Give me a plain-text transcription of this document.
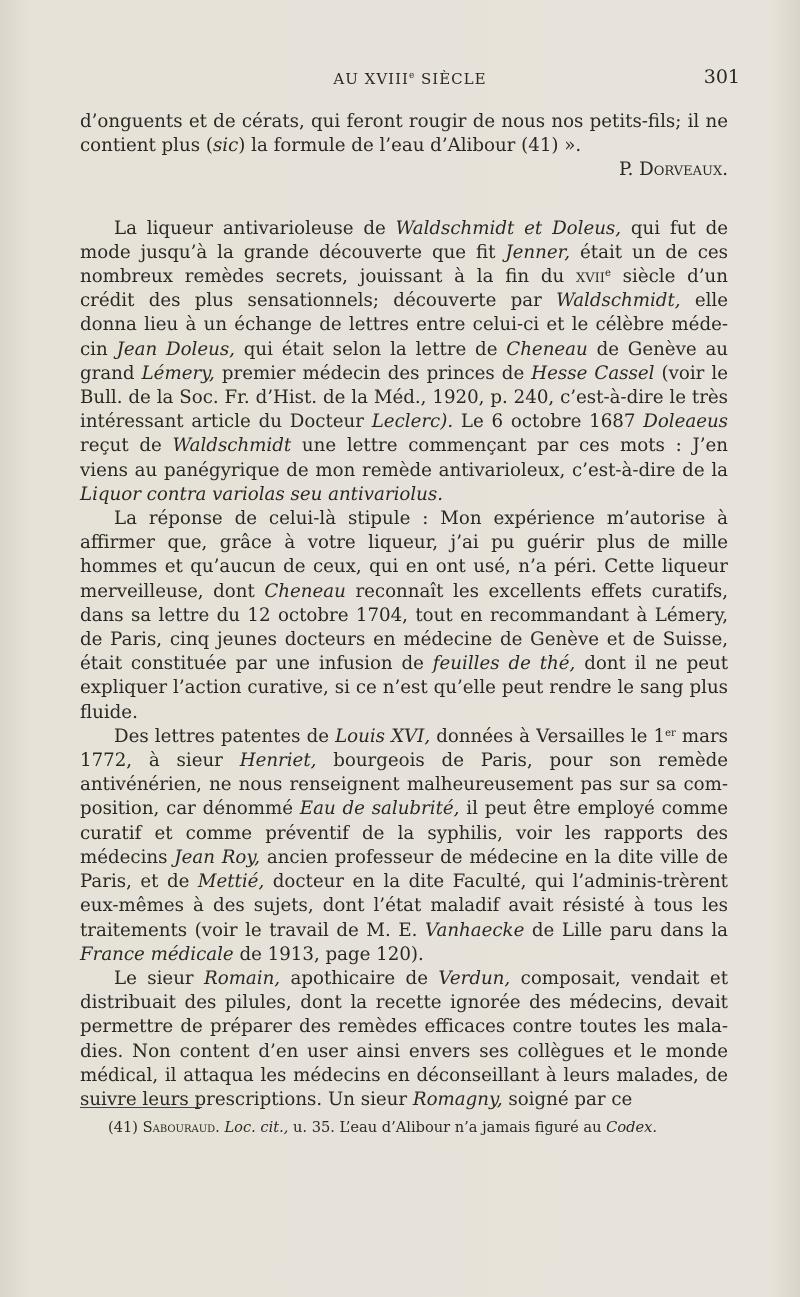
AU XVIIIe SIÈCLE	301

d’onguents et de cérats, qui feront rougir de nous nos petits-fils; il ne contient plus (sic) la formule de l’eau d’Alibour (41) ».

P. Dorveaux.

La liqueur antivarioleuse de Waldschmidt et Doleus, qui fut de mode jusqu’à la grande découverte que fit Jenner, était un de ces nombreux remèdes secrets, jouissant à la fin du xvii$^e$ siècle d’un crédit des plus sensationnels; découverte par Waldschmidt, elle donna lieu à un échange de lettres entre celui-ci et le célèbre méde-cin Jean Doleus, qui était selon la lettre de Cheneau de Genève au grand Lémery, premier médecin des princes de Hesse Cassel (voir le Bull. de la Soc. Fr. d’Hist. de la Méd., 1920, p. 240, c’est-à-dire le très intéressant article du Docteur Leclerc). Le 6 octobre 1687 Doleaeus reçut de Waldschmidt une lettre commençant par ces mots : J’en viens au panégyrique de mon remède antivarioleux, c’est-à-dire de la Liquor contra variolas seu antivariolus.

La réponse de celui-là stipule : Mon expérience m’autorise à affirmer que, grâce à votre liqueur, j’ai pu guérir plus de mille hommes et qu’aucun de ceux, qui en ont usé, n’a péri. Cette liqueur merveilleuse, dont Cheneau reconnaît les excellents effets curatifs, dans sa lettre du 12 octobre 1704, tout en recommandant à Lémery, de Paris, cinq jeunes docteurs en médecine de Genève et de Suisse, était constituée par une infusion de feuilles de thé, dont il ne peut expliquer l’action curative, si ce n’est qu’elle peut rendre le sang plus fluide.

Des lettres patentes de Louis XVI, données à Versailles le 1er mars 1772, à sieur Henriet, bourgeois de Paris, pour son remède antivénérien, ne nous renseignent malheureusement pas sur sa com-position, car dénommé Eau de salubrité, il peut être employé comme curatif et comme préventif de la syphilis, voir les rapports des médecins Jean Roy, ancien professeur de médecine en la dite ville de Paris, et de Mettié, docteur en la dite Faculté, qui l’adminis-trèrent eux-mêmes à des sujets, dont l’état maladif avait résisté à tous les traitements (voir le travail de M. E. Vanhaecke de Lille paru dans la France médicale de 1913, page 120).

Le sieur Romain, apothicaire de Verdun, composait, vendait et distribuait des pilules, dont la recette ignorée des médecins, devait permettre de préparer des remèdes efficaces contre toutes les mala-dies. Non content d’en user ainsi envers ses collègues et le monde médical, il attaqua les médecins en déconseillant à leurs malades, de suivre leurs prescriptions. Un sieur Romagny, soigné par ce

(41) Sabouraud. Loc. cit., u. 35. L’eau d’Alibour n’a jamais figuré au Codex.
